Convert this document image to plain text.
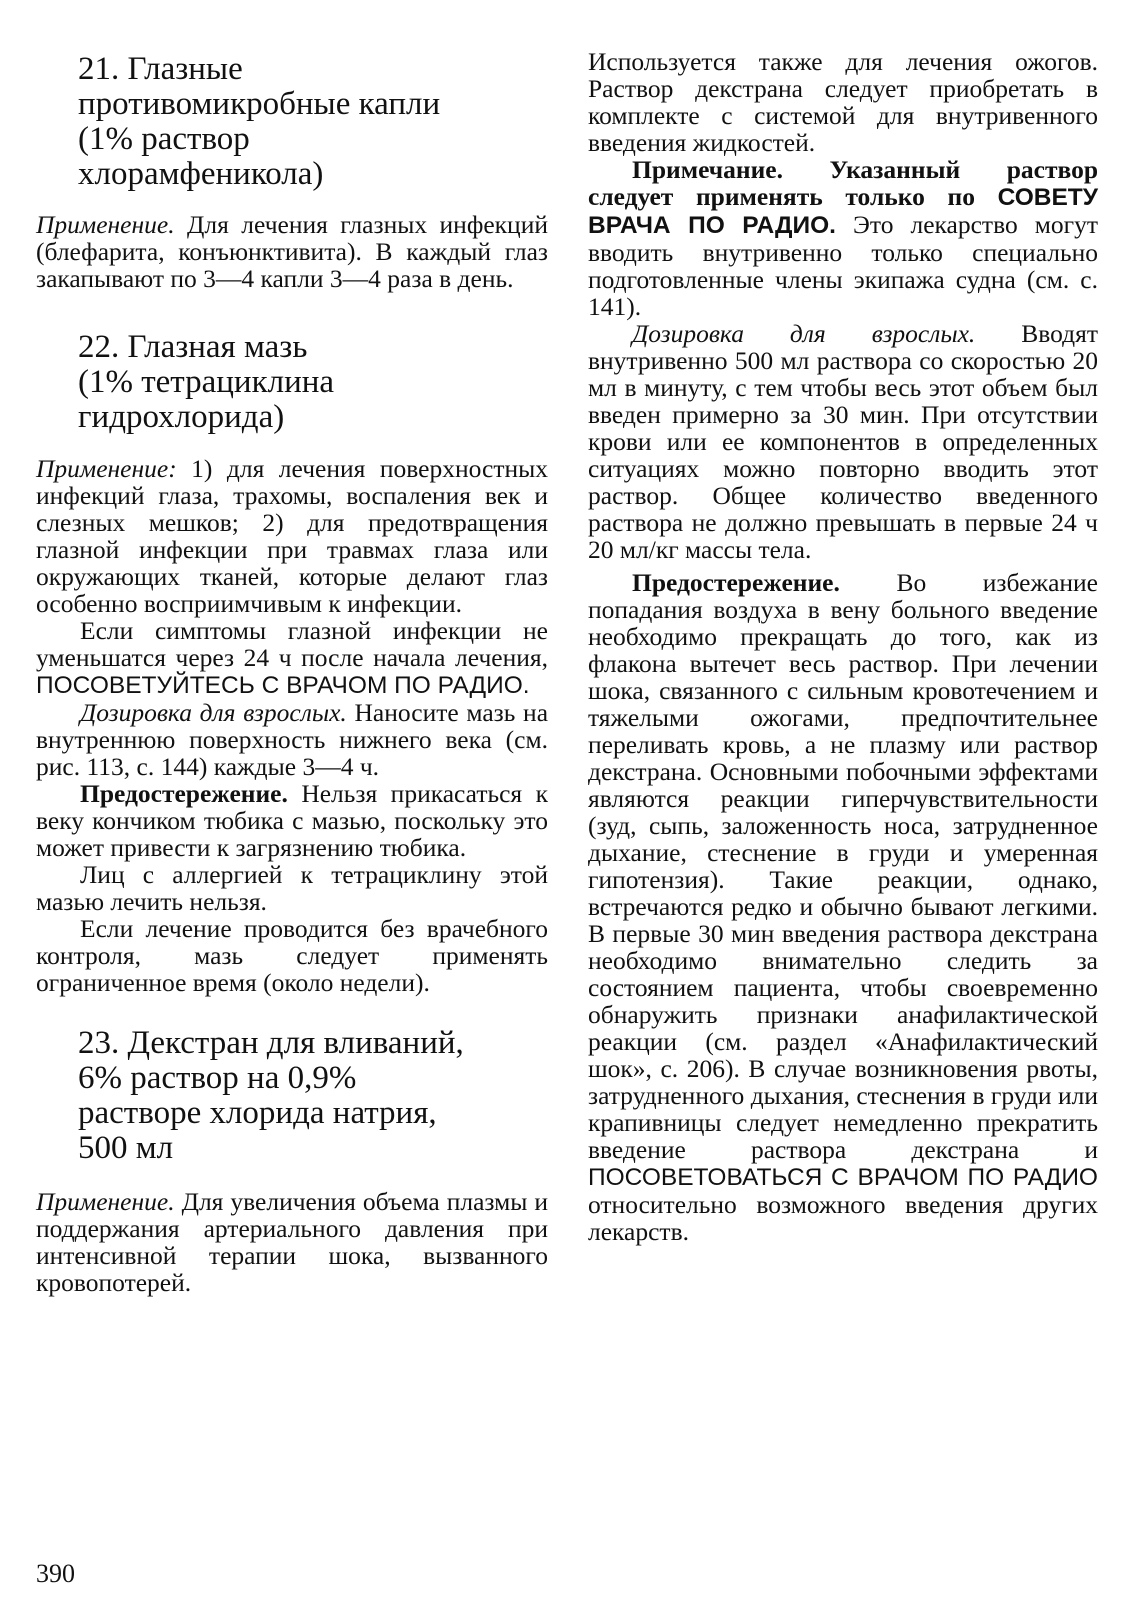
21. Глазные
противомикробные капли
(1% раствор
хлорамфеникола)

Применение. Для лечения глазных инфекций (блефарита, конъюнктивита). В каждый глаз закапывают по 3—4 капли 3—4 раза в день.

22. Глазная мазь
(1% тетрациклина
гидрохлорида)

Применение: 1) для лечения поверхностных инфекций глаза, трахомы, воспаления век и слезных мешков; 2) для предотвращения глазной инфекции при травмах глаза или окружающих тканей, которые делают глаз особенно восприимчивым к инфекции.

Если симптомы глазной инфекции не уменьшатся через 24 ч после начала лечения, ПОСОВЕТУЙТЕСЬ С ВРАЧОМ ПО РАДИО.

Дозировка для взрослых. Наносите мазь на внутреннюю поверхность нижнего века (см. рис. 113, с. 144) каждые 3—4 ч.

Предостережение. Нельзя прикасаться к веку кончиком тюбика с мазью, поскольку это может привести к загрязнению тюбика.

Лиц с аллергией к тетрациклину этой мазью лечить нельзя.

Если лечение проводится без врачебного контроля, мазь следует применять ограниченное время (около недели).

23. Декстран для вливаний,
6% раствор на 0,9%
растворе хлорида натрия,
500 мл

Применение. Для увеличения объема плазмы и поддержания артериального давления при интенсивной терапии шока, вызванного кровопотерей.

Используется также для лечения ожогов. Раствор декстрана следует приобретать в комплекте с системой для внутривенного введения жидкостей.

Примечание. Указанный раствор следует применять только по СОВЕТУ ВРАЧА ПО РАДИО. Это лекарство могут вводить внутривенно только специально подготовленные члены экипажа судна (см. с. 141).

Дозировка для взрослых. Вводят внутривенно 500 мл раствора со скоростью 20 мл в минуту, с тем чтобы весь этот объем был введен примерно за 30 мин. При отсутствии крови или ее компонентов в определенных ситуациях можно повторно вводить этот раствор. Общее количество введенного раствора не должно превышать в первые 24 ч 20 мл/кг массы тела.

Предостережение. Во избежание попадания воздуха в вену больного введение необходимо прекращать до того, как из флакона вытечет весь раствор. При лечении шока, связанного с сильным кровотечением и тяжелыми ожогами, предпочтительнее переливать кровь, а не плазму или раствор декстрана. Основными побочными эффектами являются реакции гиперчувствительности (зуд, сыпь, заложенность носа, затрудненное дыхание, стеснение в груди и умеренная гипотензия). Такие реакции, однако, встречаются редко и обычно бывают легкими. В первые 30 мин введения раствора декстрана необходимо внимательно следить за состоянием пациента, чтобы своевременно обнаружить признаки анафилактической реакции (см. раздел «Анафилактический шок», с. 206). В случае возникновения рвоты, затрудненного дыхания, стеснения в груди или крапивницы следует немедленно прекратить введение раствора декстрана и ПОСОВЕТОВАТЬСЯ С ВРАЧОМ ПО РАДИО относительно возможного введения других лекарств.

390
